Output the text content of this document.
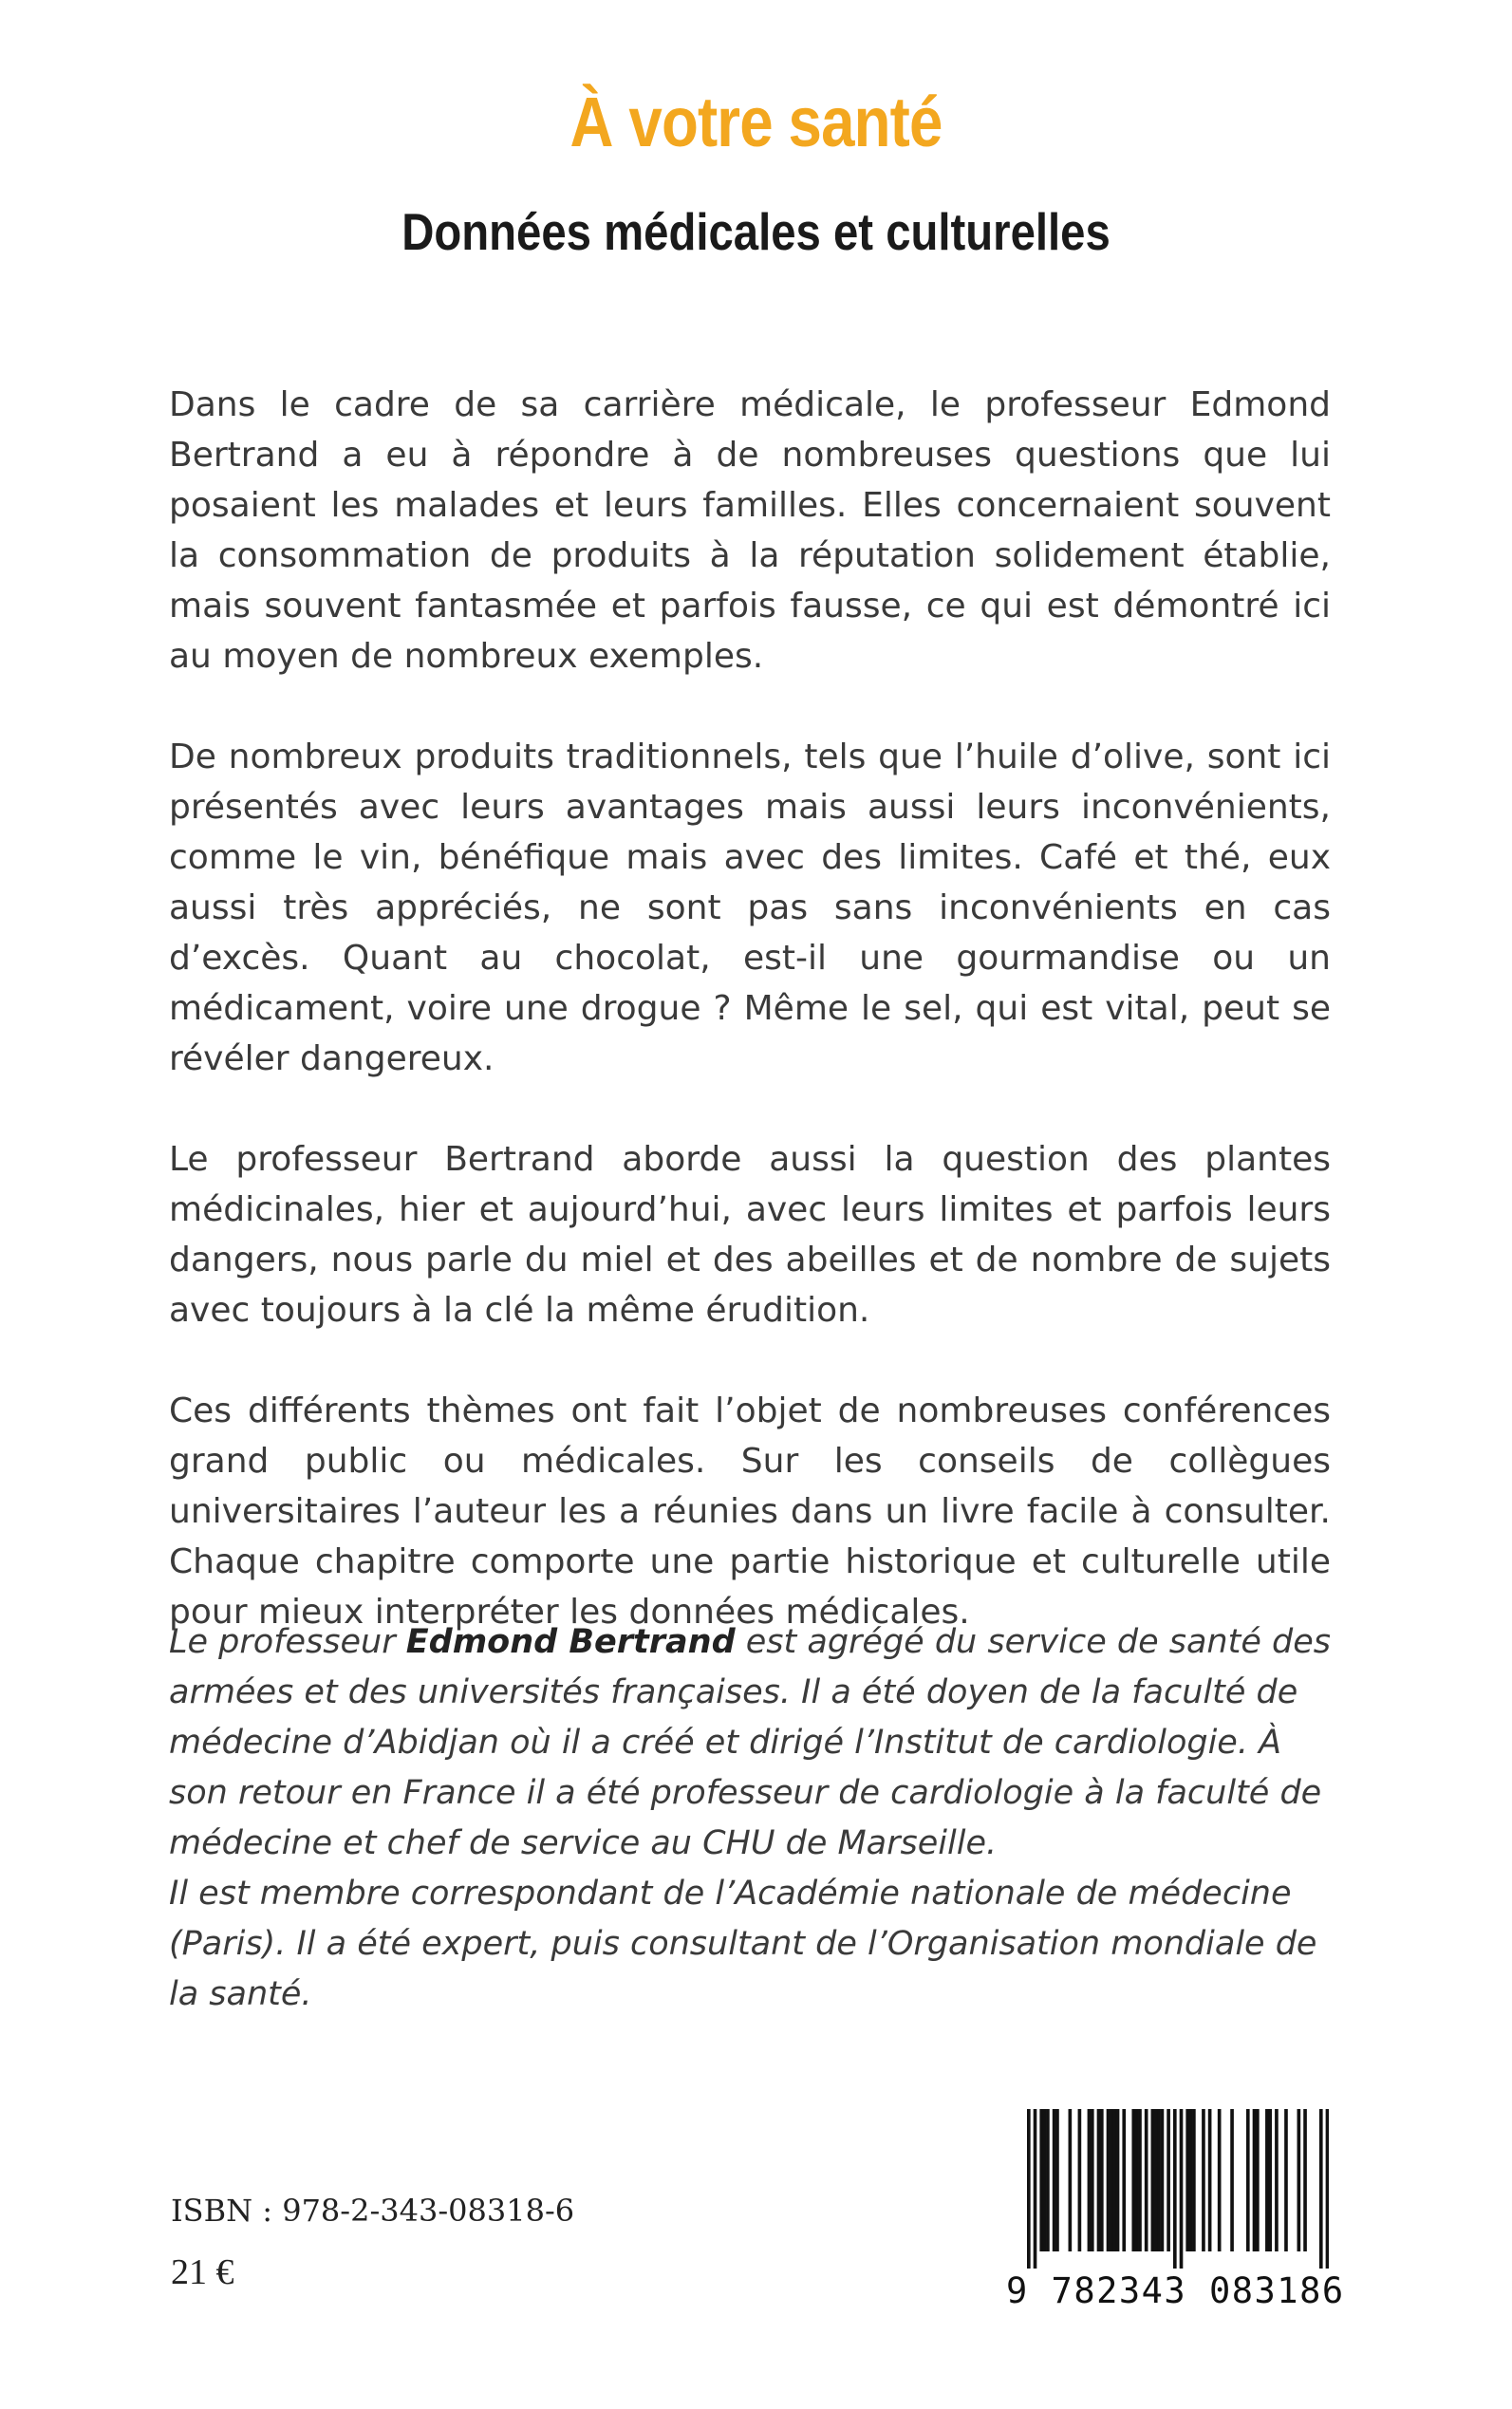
À votre santé
Données médicales et culturelles

Dans le cadre de sa carrière médicale, le professeur Edmond Bertrand a eu à répondre à de nombreuses questions que lui posaient les malades et leurs familles. Elles concernaient souvent la consommation de produits à la réputation solidement établie, mais souvent fantasmée et parfois fausse, ce qui est démontré ici au moyen de nombreux exemples.

De nombreux produits traditionnels, tels que l’huile d’olive, sont ici présentés avec leurs avantages mais aussi leurs inconvénients, comme le vin, bénéfique mais avec des limites. Café et thé, eux aussi très appréciés, ne sont pas sans inconvénients en cas d’excès. Quant au chocolat, est-il une gourmandise ou un médicament, voire une drogue ? Même le sel, qui est vital, peut se révéler dangereux.

Le professeur Bertrand aborde aussi la question des plantes médicinales, hier et aujourd’hui, avec leurs limites et parfois leurs dangers, nous parle du miel et des abeilles et de nombre de sujets avec toujours à la clé la même érudition.

Ces différents thèmes ont fait l’objet de nombreuses conférences grand public ou médicales. Sur les conseils de collègues universitaires l’auteur les a réunies dans un livre facile à consulter. Chaque chapitre comporte une partie historique et culturelle utile pour mieux interpréter les données médicales.

Le professeur Edmond Bertrand est agrégé du service de santé des armées et des universités françaises. Il a été doyen de la faculté de médecine d’Abidjan où il a créé et dirigé l’Institut de cardiologie. À son retour en France il a été professeur de cardiologie à la faculté de médecine et chef de service au CHU de Marseille.

Il est membre correspondant de l’Académie nationale de médecine (Paris). Il a été expert, puis consultant de l’Organisation mondiale de la santé.

ISBN : 978-2-343-08318-6
21 €	9 782343 083186
